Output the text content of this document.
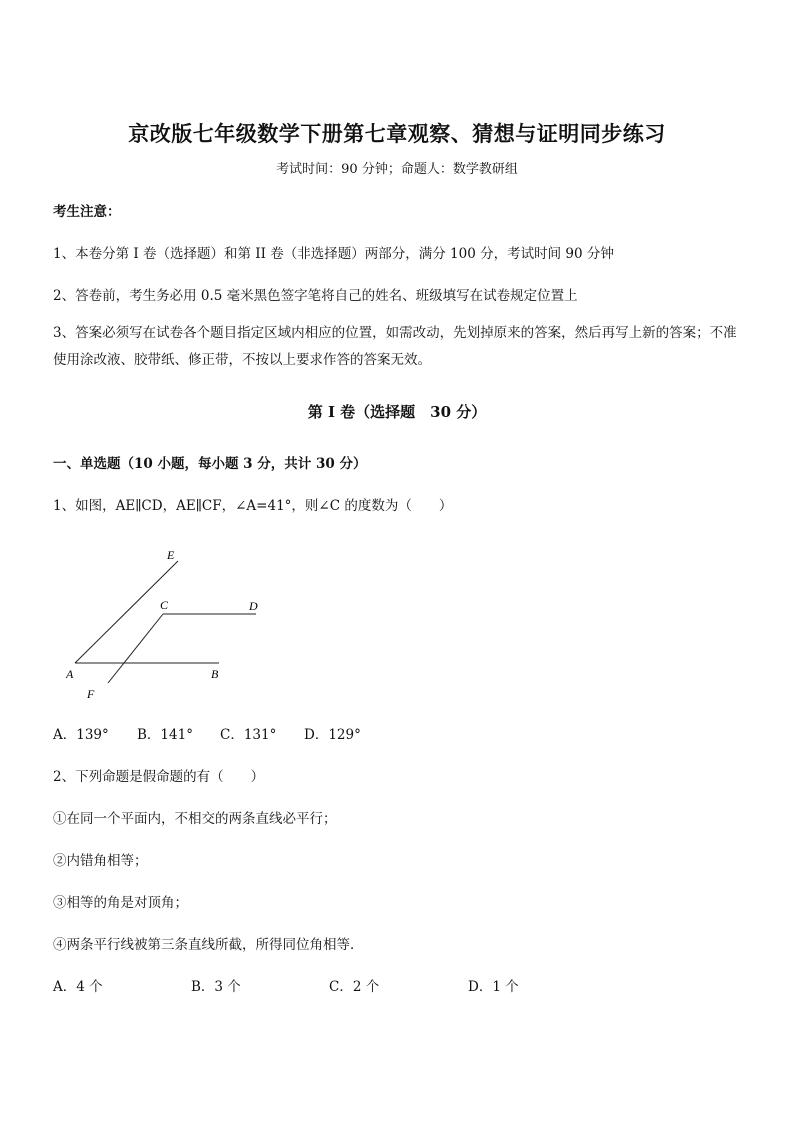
京改版七年级数学下册第七章观察、猜想与证明同步练习
考试时间：90 分钟；命题人：数学教研组
考生注意：
1、本卷分第 I 卷（选择题）和第 II 卷（非选择题）两部分，满分 100 分，考试时间 90 分钟
2、答卷前，考生务必用 0.5 毫米黑色签字笔将自己的姓名、班级填写在试卷规定位置上
3、答案必须写在试卷各个题目指定区域内相应的位置，如需改动，先划掉原来的答案，然后再写上新的答案；不准使用涂改液、胶带纸、修正带，不按以上要求作答的答案无效。
第 I 卷（选择题　30 分）
一、单选题（10 小题，每小题 3 分，共计 30 分）
1、如图，AE∥CD，AE∥CF，∠A=41°，则∠C 的度数为（　　）
E
C	D
A	B
F
A．139° B．141° C．131° D．129°
2、下列命题是假命题的有（　　）
①在同一个平面内，不相交的两条直线必平行；
②内错角相等；
③相等的角是对顶角；
④两条平行线被第三条直线所截，所得同位角相等．
A．4 个	B．3 个	C．2 个	D．1 个
